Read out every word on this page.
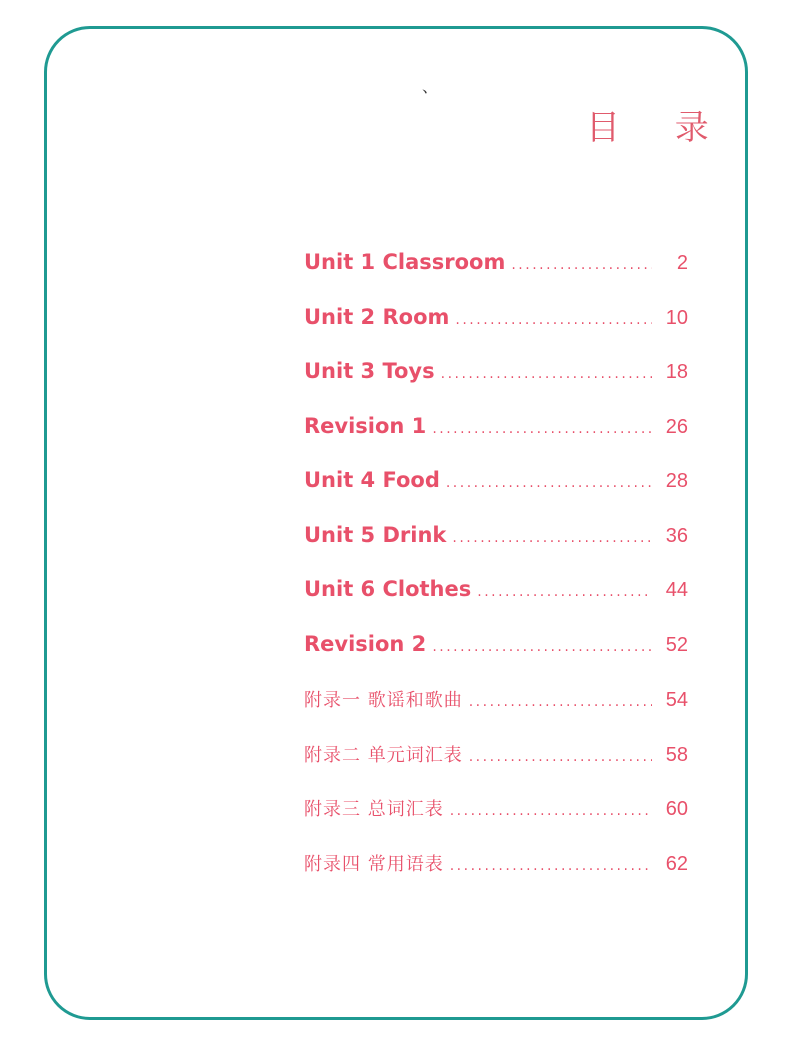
、
目 录
Unit 1 Classroom .....	2
Unit 2 Room .....	10
Unit 3 Toys .....	18
Revision 1 .....	26
Unit 4 Food .....	28
Unit 5 Drink .....	36
Unit 6 Clothes .....	44
Revision 2 .....	52
附录一 歌谣和歌曲 .....	54
附录二 单元词汇表 .....	58
附录三 总词汇表 .....	60
附录四 常用语表 .....	62
